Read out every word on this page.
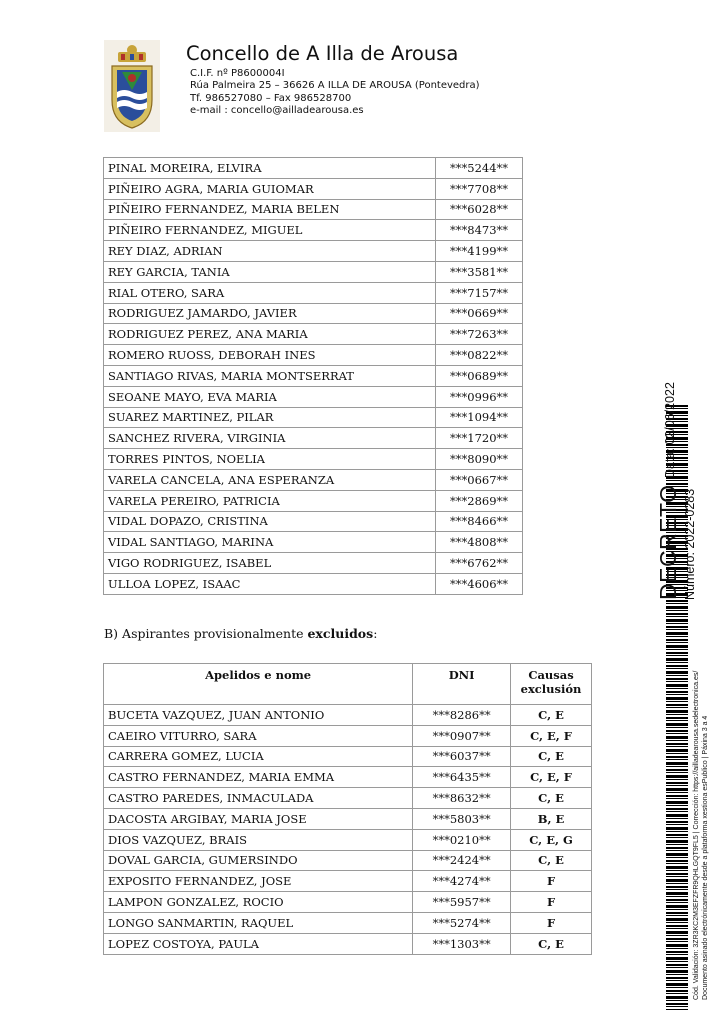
Concello de A Illa de Arousa
C.I.F. nº P8600004I
Rúa Palmeira 25 – 36626 A ILLA DE AROUSA (Pontevedra)
Tf. 986527080 – Fax 986528700
e-mail : concello@ailladearousa.es
PINAL MOREIRA, ELVIRA	***5244**
PIÑEIRO AGRA, MARIA GUIOMAR	***7708**
PIÑEIRO FERNANDEZ, MARIA BELEN	***6028**
PIÑEIRO FERNANDEZ, MIGUEL	***8473**
REY DIAZ, ADRIAN	***4199**
REY GARCIA, TANIA	***3581**
RIAL OTERO, SARA	***7157**
RODRIGUEZ JAMARDO, JAVIER	***0669**
RODRIGUEZ PEREZ, ANA MARIA	***7263**
ROMERO RUOSS, DEBORAH INES	***0822**
SANTIAGO RIVAS, MARIA MONTSERRAT	***0689**
SEOANE MAYO, EVA MARIA	***0996**
SUAREZ MARTINEZ, PILAR	***1094**
SANCHEZ RIVERA, VIRGINIA	***1720**
TORRES PINTOS, NOELIA	***8090**
VARELA CANCELA, ANA ESPERANZA	***0667**
VARELA PEREIRO, PATRICIA	***2869**
VIDAL DOPAZO, CRISTINA	***8466**
VIDAL SANTIAGO, MARINA	***4808**
VIGO RODRIGUEZ, ISABEL	***6762**
ULLOA LOPEZ, ISAAC	***4606**
B) Aspirantes provisionalmente excluidos:
Apelidos e nome	DNI	Causas exclusión
BUCETA VAZQUEZ, JUAN ANTONIO	***8286**	C, E
CAEIRO VITURRO, SARA	***0907**	C, E, F
CARRERA GOMEZ, LUCIA	***6037**	C, E
CASTRO FERNANDEZ, MARIA EMMA	***6435**	C, E, F
CASTRO PAREDES, INMACULADA	***8632**	C, E
DACOSTA ARGIBAY, MARIA JOSE	***5803**	B, E
DIOS VAZQUEZ, BRAIS	***0210**	C, E, G
DOVAL GARCIA, GUMERSINDO	***2424**	C, E
EXPOSITO FERNANDEZ, JOSE	***4274**	F
LAMPON GONZALEZ, ROCIO	***5957**	F
LONGO SANMARTIN, RAQUEL	***5274**	F
LOPEZ COSTOYA, PAULA	***1303**	C, E
DECRETO Número: 2022-0283
Data: 02/06/2022
Cód. Validación: 3ZR3KC2M3EFZFR9QHLGQT9FL5 | Corrección: https://ailladearousa.sedelectronica.es/ Documento asinado electrónicamente desde a plataforma xestiona esPublico | Páxina 3 a 4
